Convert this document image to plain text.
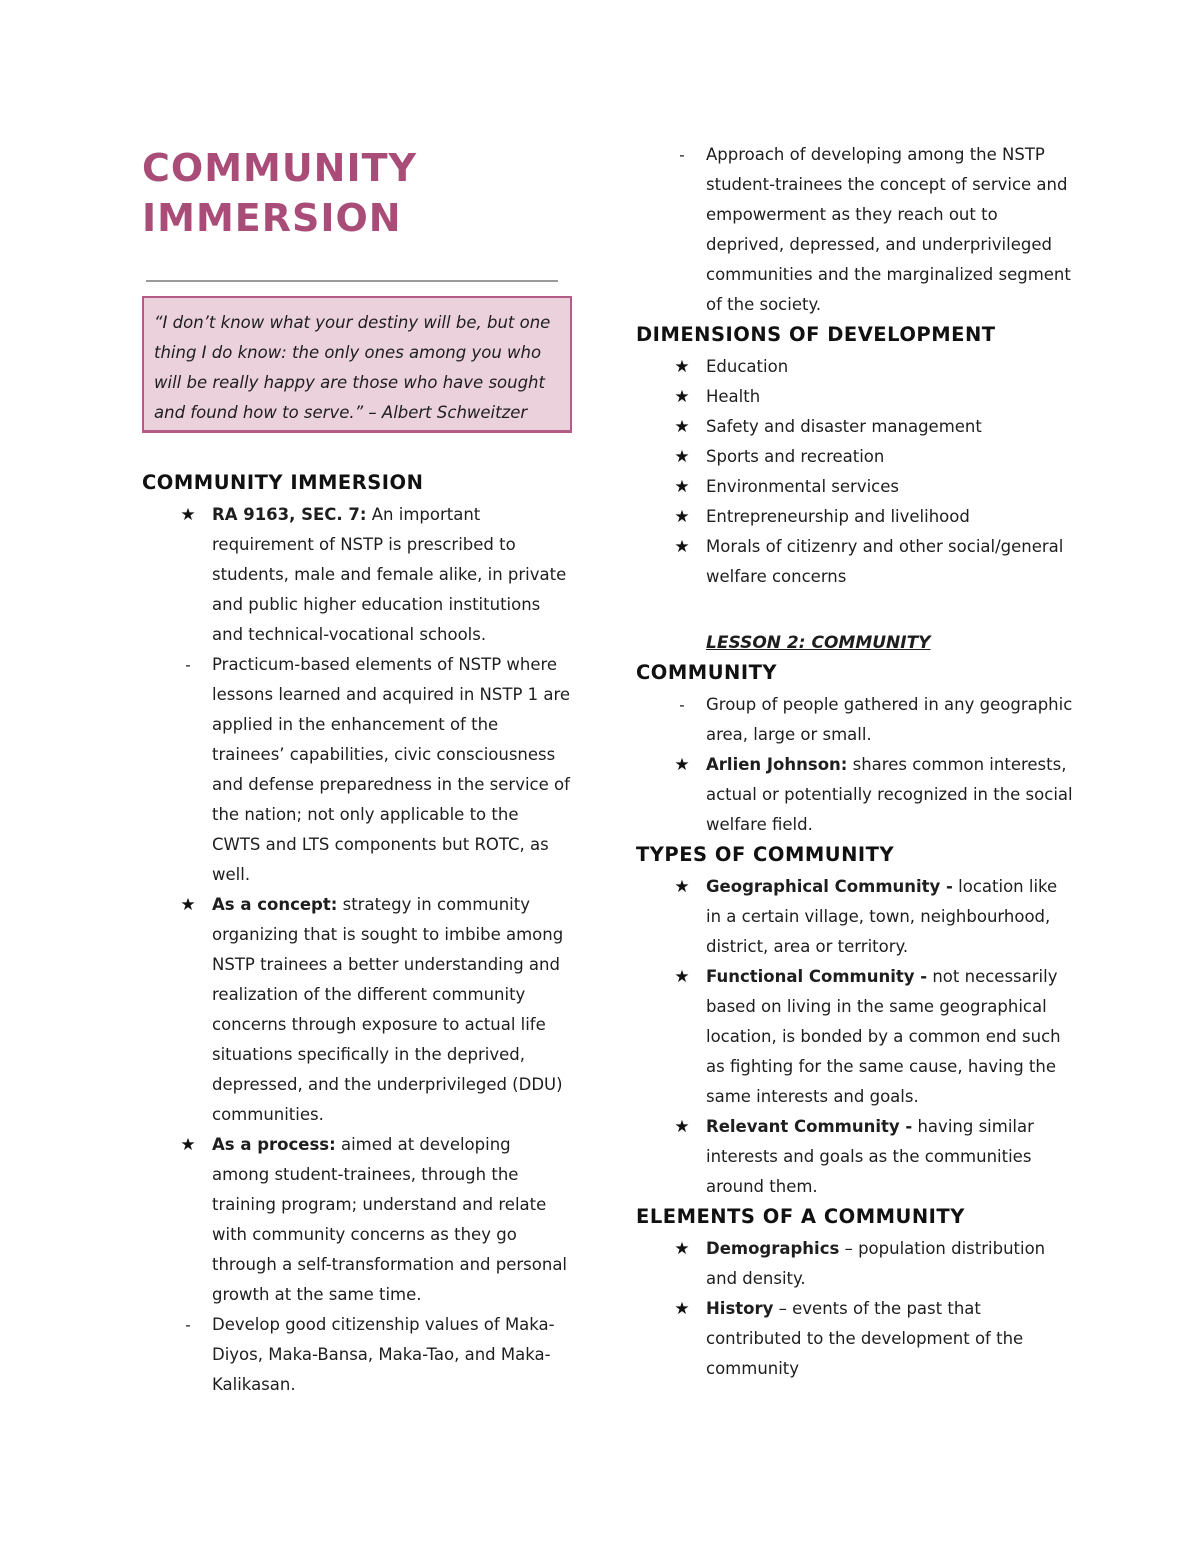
COMMUNITY
IMMERSION

“I don’t know what your destiny will be, but one thing I do know: the only ones among you who will be really happy are those who have sought and found how to serve.” – Albert Schweitzer

COMMUNITY IMMERSION
★ RA 9163, SEC. 7: An important requirement of NSTP is prescribed to students, male and female alike, in private and public higher education institutions and technical-vocational schools.
-	Practicum-based elements of NSTP where lessons learned and acquired in NSTP 1 are applied in the enhancement of the trainees’ capabilities, civic consciousness and defense preparedness in the service of the nation; not only applicable to the CWTS and LTS components but ROTC, as well.
★ As a concept: strategy in community organizing that is sought to imbibe among NSTP trainees a better understanding and realization of the different community concerns through exposure to actual life situations specifically in the deprived, depressed, and the underprivileged (DDU) communities.
★ As a process: aimed at developing among student-trainees, through the training program; understand and relate with community concerns as they go through a self-transformation and personal growth at the same time.
-	Develop good citizenship values of Maka-Diyos, Maka-Bansa, Maka-Tao, and Maka-Kalikasan.
-	Approach of developing among the NSTP student-trainees the concept of service and empowerment as they reach out to deprived, depressed, and underprivileged communities and the marginalized segment of the society.
DIMENSIONS OF DEVELOPMENT
★ Education
★ Health
★ Safety and disaster management
★ Sports and recreation
★ Environmental services
★ Entrepreneurship and livelihood
★ Morals of citizenry and other social/general welfare concerns
LESSON 2: COMMUNITY
COMMUNITY
-	Group of people gathered in any geographic area, large or small.
★ Arlien Johnson: shares common interests, actual or potentially recognized in the social welfare field.
TYPES OF COMMUNITY
★ Geographical Community - location like in a certain village, town, neighbourhood, district, area or territory.
★ Functional Community - not necessarily based on living in the same geographical location, is bonded by a common end such as fighting for the same cause, having the same interests and goals.
★ Relevant Community - having similar interests and goals as the communities around them.
ELEMENTS OF A COMMUNITY
★ Demographics – population distribution and density.
★ History – events of the past that contributed to the development of the community
